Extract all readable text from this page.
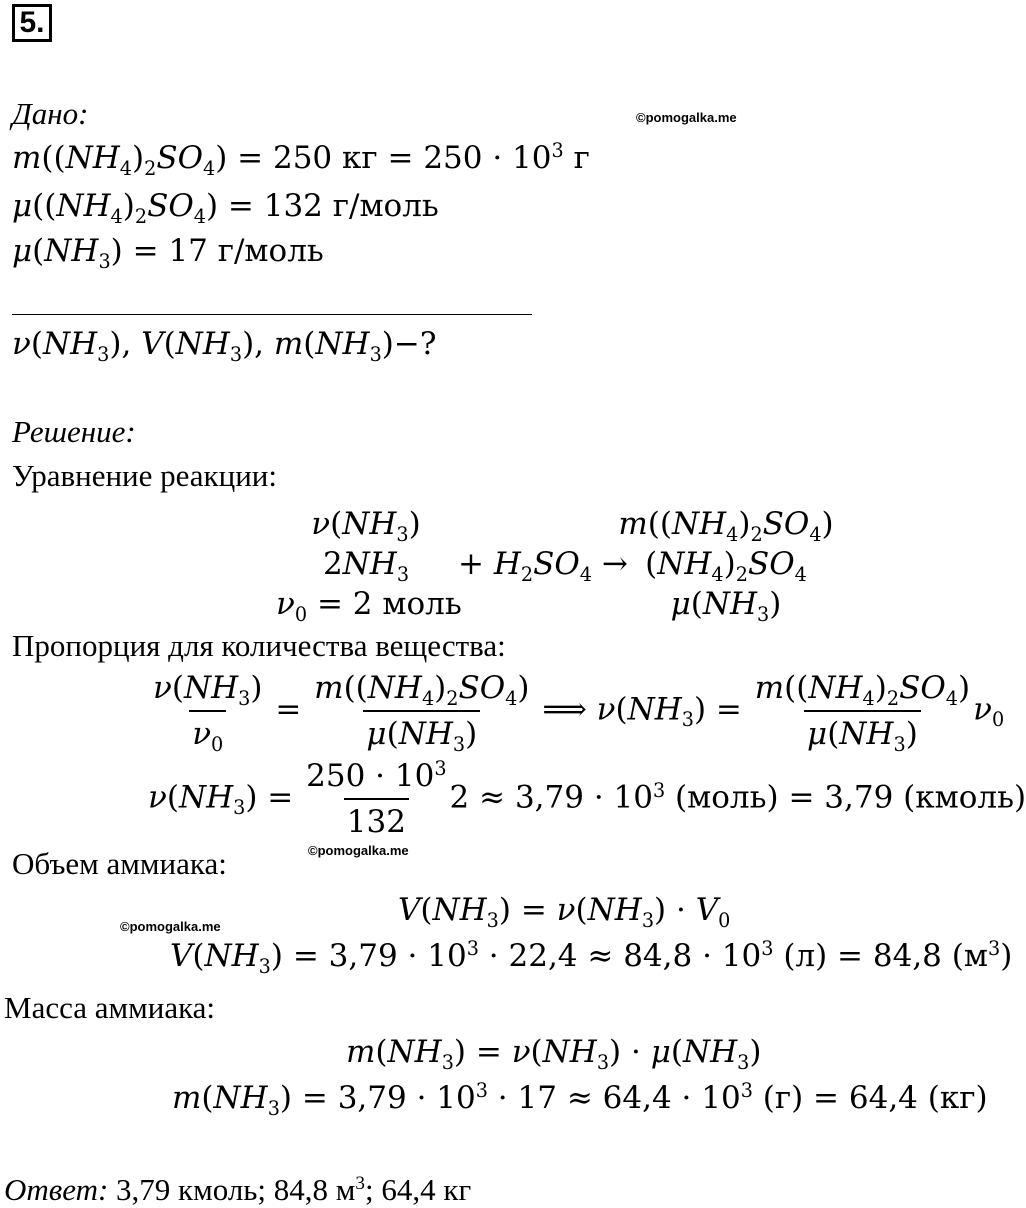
5.
©pomogalka.me
©pomogalka.me
©pomogalka.me
Дано:
$m((NH_4)_2SO_4) = 250$ кг = $250 \cdot 10^3$ г
$\mu((NH_4)_2SO_4) = 132$ г/моль
$\mu(NH_3) = 17$ г/моль
$\nu(NH_3)$, $V(NH_3)$, $m(NH_3)-$?
Решение:
Уравнение реакции:
$\nu(NH_3)$
$2NH_3$
$\nu_0 = 2$ моль
+ $H_2SO_4$ →
$m((NH_4)_2SO_4)$
$(NH_4)_2SO_4$
$\mu(NH_3)$
Пропорция для количества вещества:
$\frac{\nu(NH_3)}{\nu_0} = \frac{m((NH_4)_2SO_4)}{\mu(NH_3)}$ ⟹ $\nu(NH_3) = \frac{m((NH_4)_2SO_4)}{\mu(NH_3)} \nu_0$
$\nu(NH_3) = \frac{250 \cdot 10^3}{132} 2 \approx 3,79 \cdot 10^3$ (моль) = 3,79 (кмоль)
Объем аммиака:
$V(NH_3) = \nu(NH_3) \cdot V_0$
$V(NH_3) = 3,79 \cdot 10^3 \cdot 22,4 \approx 84,8 \cdot 10^3$ (л) = 84,8 $(м^3)$
Масса аммиака:
$m(NH_3) = \nu(NH_3) \cdot \mu(NH_3)$
$m(NH_3) = 3,79 \cdot 10^3 \cdot 17 \approx 64,4 \cdot 10^3$ (г) = 64,4 (кг)
Ответ: 3,79 кмоль; 84,8 $м^3$; 64,4 кг
